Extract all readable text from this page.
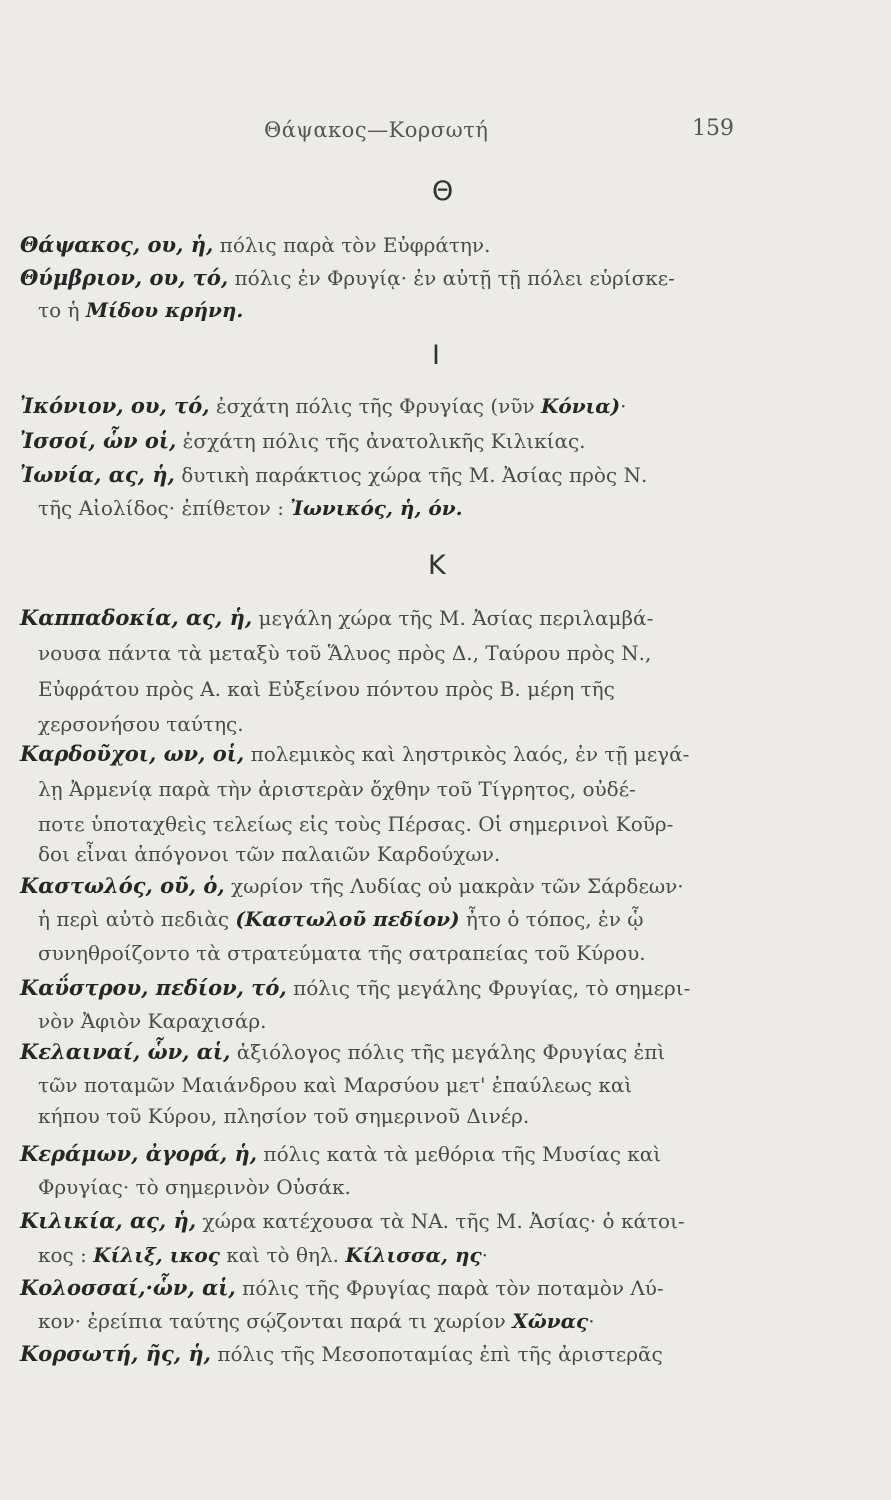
Θάψακος—Κορσωτή	159
Θ
Θάψακος, ου, ἡ, πόλις παρὰ τὸν Εὐφράτην.
Θύμβριον, ου, τό, πόλις ἐν Φρυγίᾳ· ἐν αὐτῇ τῇ πόλει εὑρίσκε-
το ἡ Μίδου κρήνη.
Ι
Ἰκόνιον, ου, τό, ἐσχάτη πόλις τῆς Φρυγίας (νῦν Κόνια)·
Ἰσσοί, ὧν οἱ, ἐσχάτη πόλις τῆς ἀνατολικῆς Κιλικίας.
Ἰωνία, ας, ἡ, δυτικὴ παράκτιος χώρα τῆς Μ. Ἀσίας πρὸς Ν.
τῆς Αἰολίδος· ἐπίθετον : Ἰωνικός, ἡ, όν.
Κ
Καππαδοκία, ας, ἡ, μεγάλη χώρα τῆς Μ. Ἀσίας περιλαμβά-
νουσα πάντα τὰ μεταξὺ τοῦ Ἅλυος πρὸς Δ., Ταύρου πρὸς Ν.,
Εὐφράτου πρὸς Α. καὶ Εὐξείνου πόντου πρὸς Β. μέρη τῆς
χερσονήσου ταύτης.
Καρδοῦχοι, ων, οἱ, πολεμικὸς καὶ ληστρικὸς λαός, ἐν τῇ μεγά-
λῃ Ἀρμενίᾳ παρὰ τὴν ἀριστερὰν ὄχθην τοῦ Τίγρητος, οὐδέ-
ποτε ὑποταχθεὶς τελείως εἰς τοὺς Πέρσας. Οἱ σημερινοὶ Κοῦρ-
δοι εἶναι ἀπόγονοι τῶν παλαιῶν Καρδούχων.
Καστωλός, οῦ, ὁ, χωρίον τῆς Λυδίας οὐ μακρὰν τῶν Σάρδεων·
ἡ περὶ αὐτὸ πεδιὰς (Καστωλοῦ πεδίον) ἦτο ὁ τόπος, ἐν ᾧ
συνηθροίζοντο τὰ στρατεύματα τῆς σατραπείας τοῦ Κύρου.
Καΰστρου, πεδίον, τό, πόλις τῆς μεγάλης Φρυγίας, τὸ σημερι-
νὸν Ἀφιὸν Καραχισάρ.
Κελαιναί, ὧν, αἱ, ἀξιόλογος πόλις τῆς μεγάλης Φρυγίας ἐπὶ
τῶν ποταμῶν Μαιάνδρου καὶ Μαρσύου μετ' ἐπαύλεως καὶ
κήπου τοῦ Κύρου, πλησίον τοῦ σημερινοῦ Δινέρ.
Κεράμων, ἀγορά, ἡ, πόλις κατὰ τὰ μεθόρια τῆς Μυσίας καὶ
Φρυγίας· τὸ σημερινὸν Οὐσάκ.
Κιλικία, ας, ἡ, χώρα κατέχουσα τὰ ΝΑ. τῆς Μ. Ἀσίας· ὁ κάτοι-
κος : Κίλιξ, ικος καὶ τὸ θηλ. Κίλισσα, ης·
Κολοσσαί,·ὧν, αἱ, πόλις τῆς Φρυγίας παρὰ τὸν ποταμὸν Λύ-
κον· ἐρείπια ταύτης σῴζονται παρά τι χωρίον Χῶνας·
Κορσωτή, ῆς, ἡ, πόλις τῆς Μεσοποταμίας ἐπὶ τῆς ἀριστερᾶς
